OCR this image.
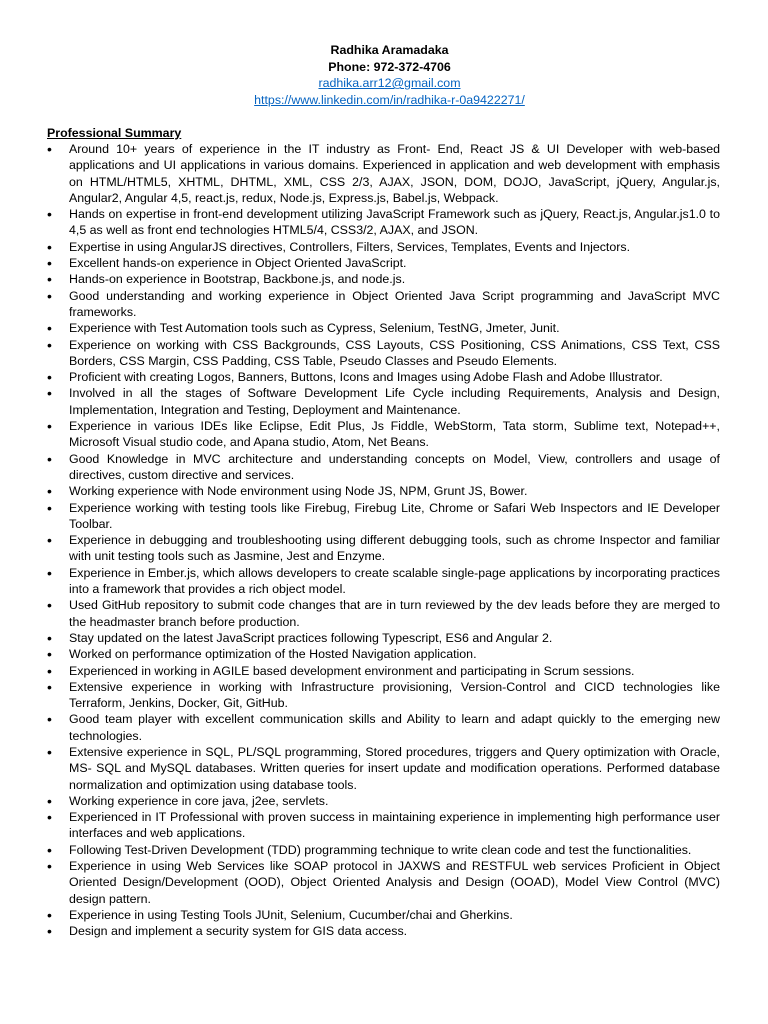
Radhika Aramadaka
Phone: 972-372-4706
radhika.arr12@gmail.com
https://www.linkedin.com/in/radhika-r-0a9422271/
Professional Summary
• Around 10+ years of experience in the IT industry as Front- End, React JS & UI Developer with web-based applications and UI applications in various domains. Experienced in application and web development with emphasis on HTML/HTML5, XHTML, DHTML, XML, CSS 2/3, AJAX, JSON, DOM, DOJO, JavaScript, jQuery, Angular.js, Angular2, Angular 4,5, react.js, redux, Node.js, Express.js, Babel.js, Webpack.
• Hands on expertise in front-end development utilizing JavaScript Framework such as jQuery, React.js, Angular.js1.0 to 4,5 as well as front end technologies HTML5/4, CSS3/2, AJAX, and JSON.
• Expertise in using AngularJS directives, Controllers, Filters, Services, Templates, Events and Injectors.
• Excellent hands-on experience in Object Oriented JavaScript.
• Hands-on experience in Bootstrap, Backbone.js, and node.js.
• Good understanding and working experience in Object Oriented Java Script programming and JavaScript MVC frameworks.
• Experience with Test Automation tools such as Cypress, Selenium, TestNG, Jmeter, Junit.
• Experience on working with CSS Backgrounds, CSS Layouts, CSS Positioning, CSS Animations, CSS Text, CSS Borders, CSS Margin, CSS Padding, CSS Table, Pseudo Classes and Pseudo Elements.
• Proficient with creating Logos, Banners, Buttons, Icons and Images using Adobe Flash and Adobe Illustrator.
• Involved in all the stages of Software Development Life Cycle including Requirements, Analysis and Design, Implementation, Integration and Testing, Deployment and Maintenance.
• Experience in various IDEs like Eclipse, Edit Plus, Js Fiddle, WebStorm, Tata storm, Sublime text, Notepad++, Microsoft Visual studio code, and Apana studio, Atom, Net Beans.
• Good Knowledge in MVC architecture and understanding concepts on Model, View, controllers and usage of directives, custom directive and services.
• Working experience with Node environment using Node JS, NPM, Grunt JS, Bower.
• Experience working with testing tools like Firebug, Firebug Lite, Chrome or Safari Web Inspectors and IE Developer Toolbar.
• Experience in debugging and troubleshooting using different debugging tools, such as chrome Inspector and familiar with unit testing tools such as Jasmine, Jest and Enzyme.
• Experience in Ember.js, which allows developers to create scalable single-page applications by incorporating practices into a framework that provides a rich object model.
• Used GitHub repository to submit code changes that are in turn reviewed by the dev leads before they are merged to the headmaster branch before production.
• Stay updated on the latest JavaScript practices following Typescript, ES6 and Angular 2.
• Worked on performance optimization of the Hosted Navigation application.
• Experienced in working in AGILE based development environment and participating in Scrum sessions.
• Extensive experience in working with Infrastructure provisioning, Version-Control and CICD technologies like Terraform, Jenkins, Docker, Git, GitHub.
• Good team player with excellent communication skills and Ability to learn and adapt quickly to the emerging new technologies.
• Extensive experience in SQL, PL/SQL programming, Stored procedures, triggers and Query optimization with Oracle, MS- SQL and MySQL databases. Written queries for insert update and modification operations. Performed database normalization and optimization using database tools.
• Working experience in core java, j2ee, servlets.
• Experienced in IT Professional with proven success in maintaining experience in implementing high performance user interfaces and web applications.
• Following Test-Driven Development (TDD) programming technique to write clean code and test the functionalities.
• Experience in using Web Services like SOAP protocol in JAXWS and RESTFUL web services Proficient in Object Oriented Design/Development (OOD), Object Oriented Analysis and Design (OOAD), Model View Control (MVC) design pattern.
• Experience in using Testing Tools JUnit, Selenium, Cucumber/chai and Gherkins.
• Design and implement a security system for GIS data access.
